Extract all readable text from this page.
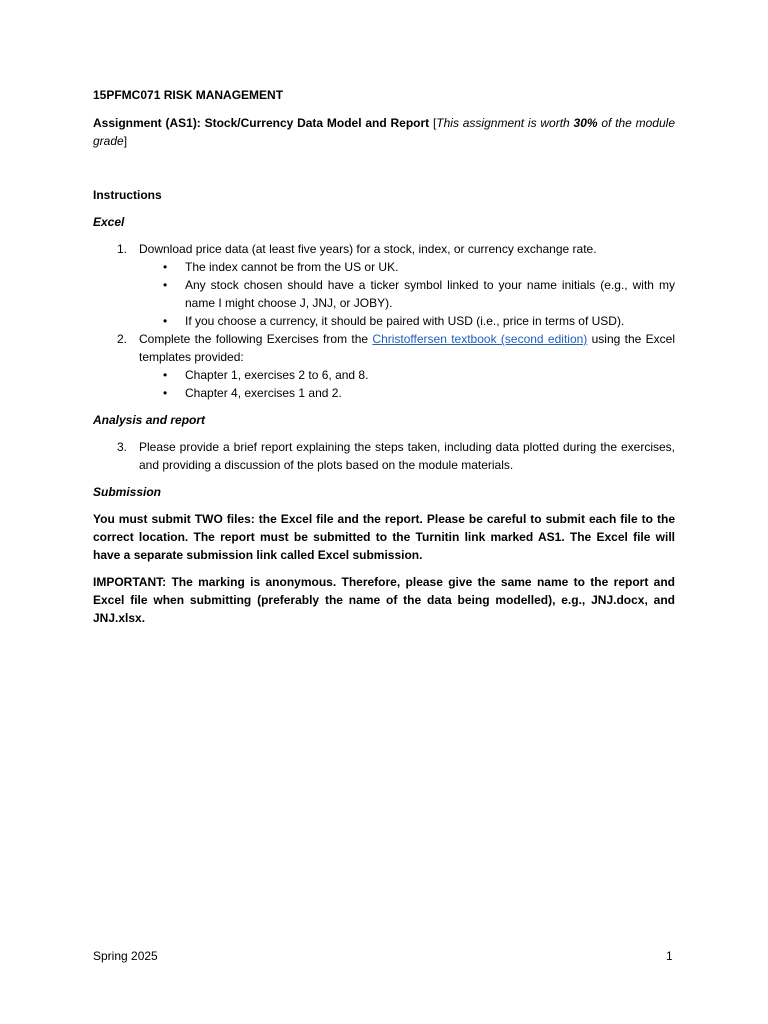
15PFMC071 RISK MANAGEMENT

Assignment (AS1): Stock/Currency Data Model and Report [This assignment is worth 30% of the module grade]

Instructions

Excel

1. Download price data (at least five years) for a stock, index, or currency exchange rate.
• The index cannot be from the US or UK.
• Any stock chosen should have a ticker symbol linked to your name initials (e.g., with my name I might choose J, JNJ, or JOBY).
• If you choose a currency, it should be paired with USD (i.e., price in terms of USD).
2. Complete the following Exercises from the Christoffersen textbook (second edition) using the Excel templates provided:
• Chapter 1, exercises 2 to 6, and 8.
• Chapter 4, exercises 1 and 2.

Analysis and report

3. Please provide a brief report explaining the steps taken, including data plotted during the exercises, and providing a discussion of the plots based on the module materials.

Submission

You must submit TWO files: the Excel file and the report. Please be careful to submit each file to the correct location. The report must be submitted to the Turnitin link marked AS1. The Excel file will have a separate submission link called Excel submission.

IMPORTANT: The marking is anonymous. Therefore, please give the same name to the report and Excel file when submitting (preferably the name of the data being modelled), e.g., JNJ.docx, and JNJ.xlsx.

Spring 2025	1
